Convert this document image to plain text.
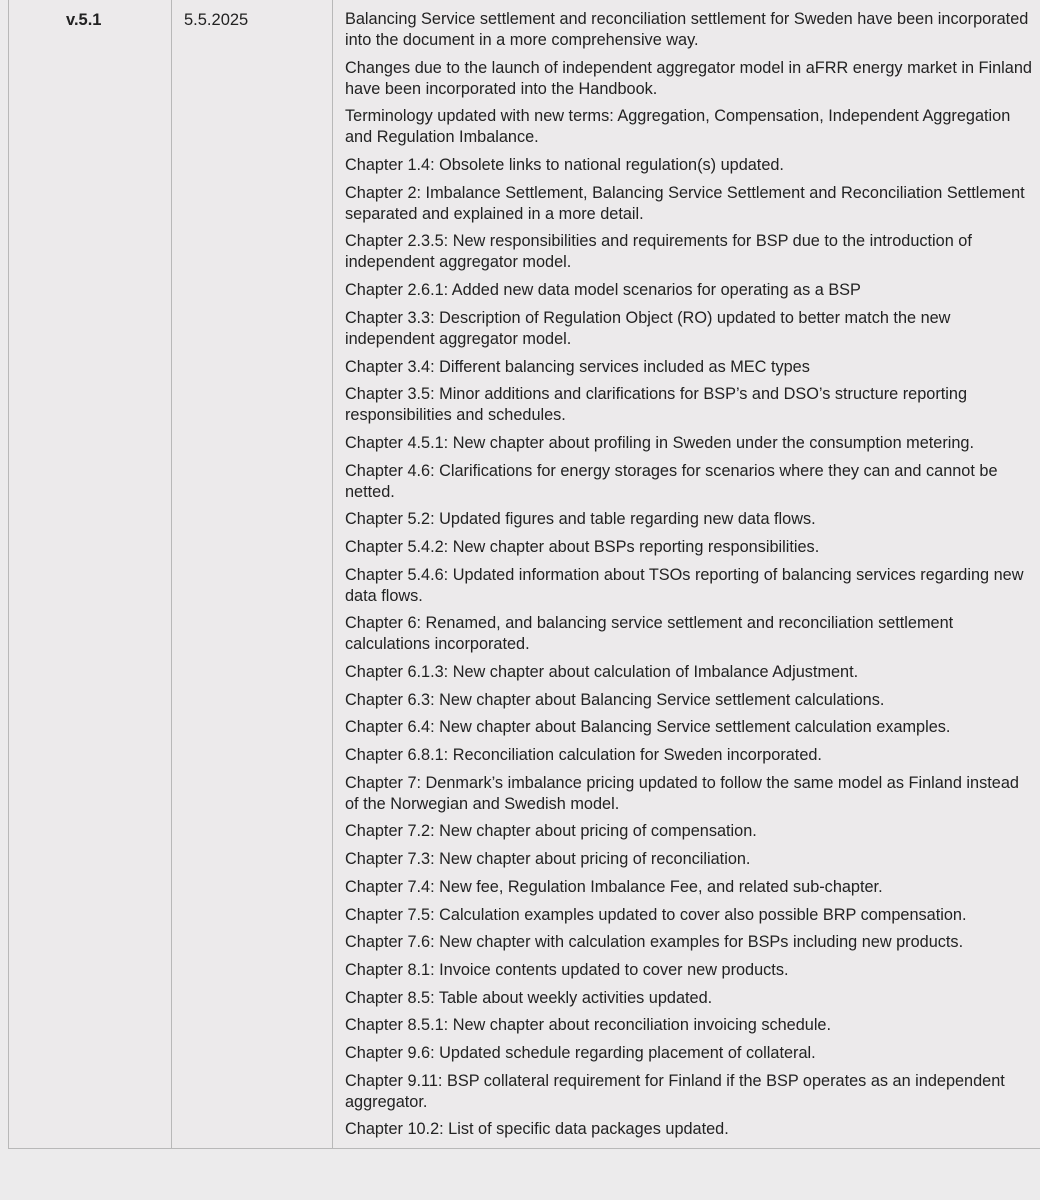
v.5.1	5.5.2025	Balancing Service settlement and reconciliation settlement for Sweden have been incorporated into the document in a more comprehensive way.

Changes due to the launch of independent aggregator model in aFRR energy market in Finland have been incorporated into the Handbook.

Terminology updated with new terms: Aggregation, Compensation, Independent Aggregation and Regulation Imbalance.

Chapter 1.4: Obsolete links to national regulation(s) updated.

Chapter 2: Imbalance Settlement, Balancing Service Settlement and Reconciliation Settlement separated and explained in a more detail.

Chapter 2.3.5: New responsibilities and requirements for BSP due to the introduction of independent aggregator model.

Chapter 2.6.1: Added new data model scenarios for operating as a BSP

Chapter 3.3: Description of Regulation Object (RO) updated to better match the new independent aggregator model.

Chapter 3.4: Different balancing services included as MEC types

Chapter 3.5: Minor additions and clarifications for BSP’s and DSO’s structure reporting responsibilities and schedules.

Chapter 4.5.1: New chapter about profiling in Sweden under the consumption metering.

Chapter 4.6: Clarifications for energy storages for scenarios where they can and cannot be netted.

Chapter 5.2: Updated figures and table regarding new data flows.

Chapter 5.4.2: New chapter about BSPs reporting responsibilities.

Chapter 5.4.6: Updated information about TSOs reporting of balancing services regarding new data flows.

Chapter 6: Renamed, and balancing service settlement and reconciliation settlement calculations incorporated.

Chapter 6.1.3: New chapter about calculation of Imbalance Adjustment.

Chapter 6.3: New chapter about Balancing Service settlement calculations.

Chapter 6.4: New chapter about Balancing Service settlement calculation examples.

Chapter 6.8.1: Reconciliation calculation for Sweden incorporated.

Chapter 7: Denmark’s imbalance pricing updated to follow the same model as Finland instead of the Norwegian and Swedish model.

Chapter 7.2: New chapter about pricing of compensation.

Chapter 7.3: New chapter about pricing of reconciliation.

Chapter 7.4: New fee, Regulation Imbalance Fee, and related sub-chapter.

Chapter 7.5: Calculation examples updated to cover also possible BRP compensation.

Chapter 7.6: New chapter with calculation examples for BSPs including new products.

Chapter 8.1: Invoice contents updated to cover new products.

Chapter 8.5: Table about weekly activities updated.

Chapter 8.5.1: New chapter about reconciliation invoicing schedule.

Chapter 9.6: Updated schedule regarding placement of collateral.

Chapter 9.11: BSP collateral requirement for Finland if the BSP operates as an independent aggregator.

Chapter 10.2: List of specific data packages updated.
